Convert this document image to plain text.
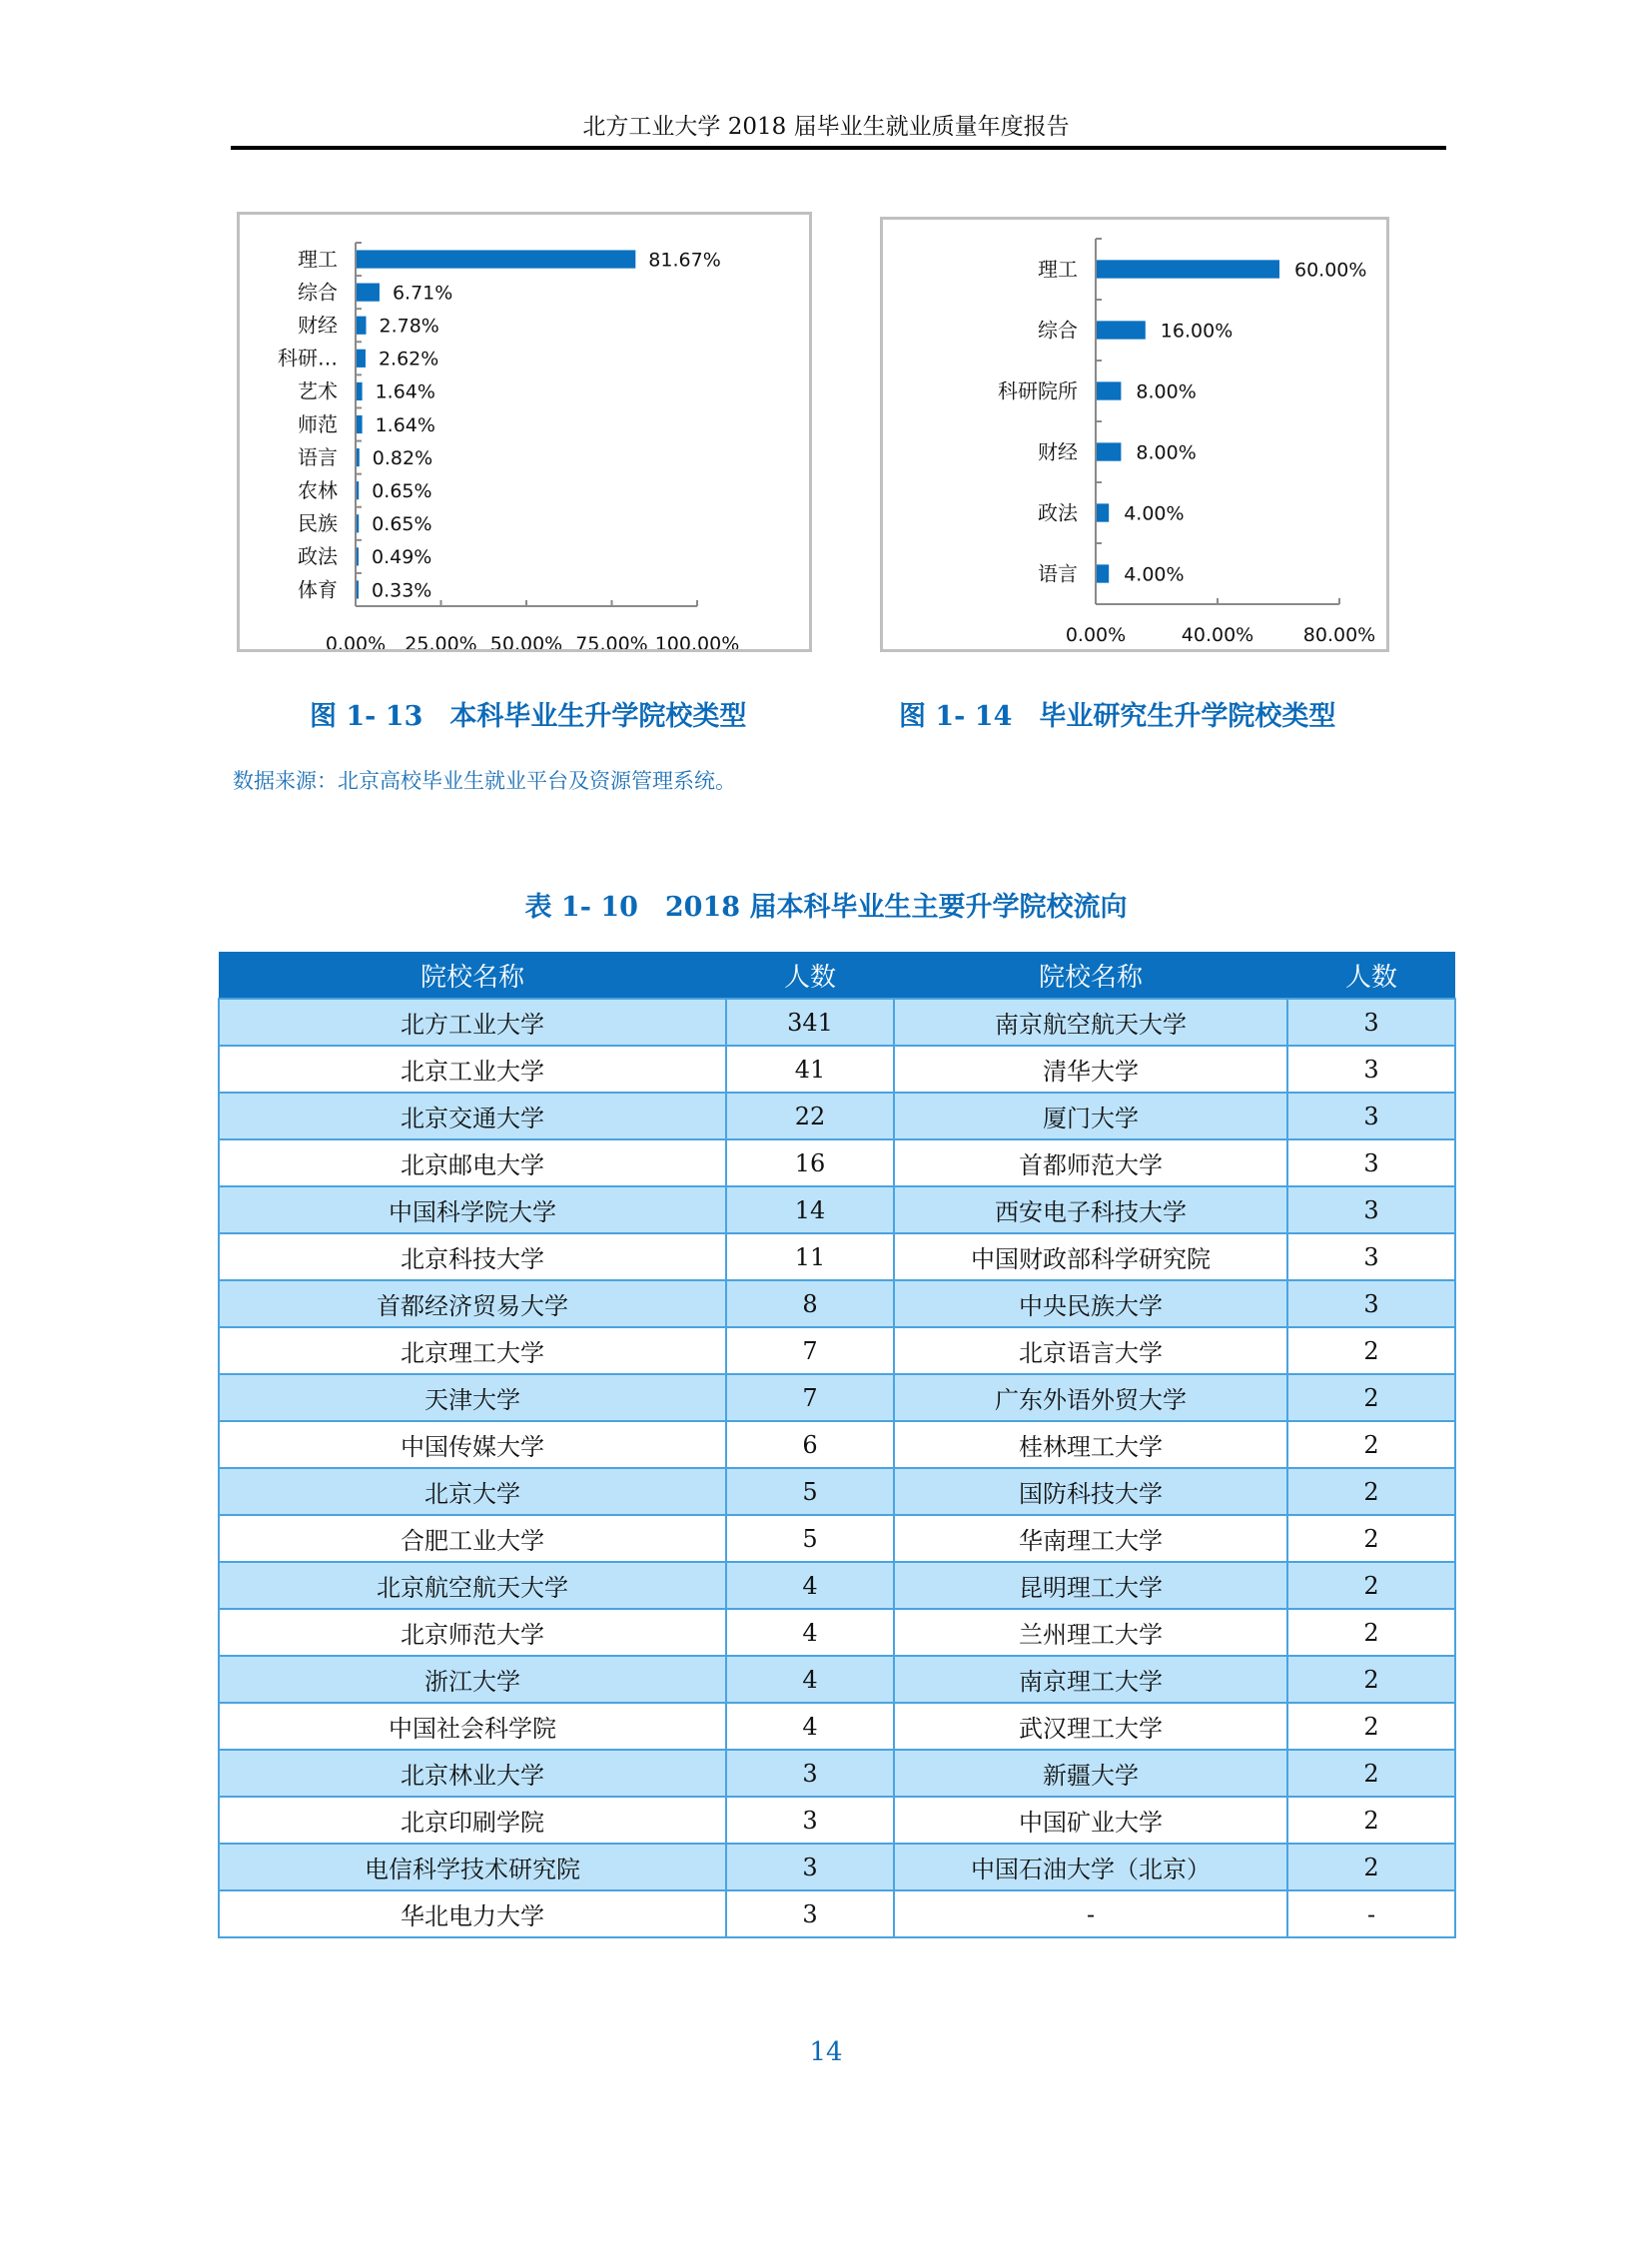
北方工业大学 2018 届毕业生就业质量年度报告
0.00% 25.00% 50.00% 75.00% 100.00%
81.67%
理工
6.71%
综合
2.78%
财经
2.62%
科研…
1.64%
艺术
1.64%
师范
0.82%
语言
0.65%
农林
0.65%
民族
0.49%
政法
0.33%
体育
0.00%	40.00%	80.00%
60.00%
理工
16.00%
综合
8.00%
科研院所
8.00%
财经
4.00%
政法
4.00%
语言
图 1- 13　本科毕业生升学院校类型	图 1- 14　毕业研究生升学院校类型
数据来源：北京高校毕业生就业平台及资源管理系统。
表 1- 10　2018 届本科毕业生主要升学院校流向
院校名称	人数	院校名称	人数
北方工业大学	341	南京航空航天大学	3
北京工业大学	41	清华大学	3
北京交通大学	22	厦门大学	3
北京邮电大学	16	首都师范大学	3
中国科学院大学	14	西安电子科技大学	3
北京科技大学	11	中国财政部科学研究院	3
首都经济贸易大学	8	中央民族大学	3
北京理工大学	7	北京语言大学	2
天津大学	7	广东外语外贸大学	2
中国传媒大学	6	桂林理工大学	2
北京大学	5	国防科技大学	2
合肥工业大学	5	华南理工大学	2
北京航空航天大学	4	昆明理工大学	2
北京师范大学	4	兰州理工大学	2
浙江大学	4	南京理工大学	2
中国社会科学院	4	武汉理工大学	2
北京林业大学	3	新疆大学	2
北京印刷学院	3	中国矿业大学	2
电信科学技术研究院	3	中国石油大学（北京）	2
华北电力大学	3	-	-
14
